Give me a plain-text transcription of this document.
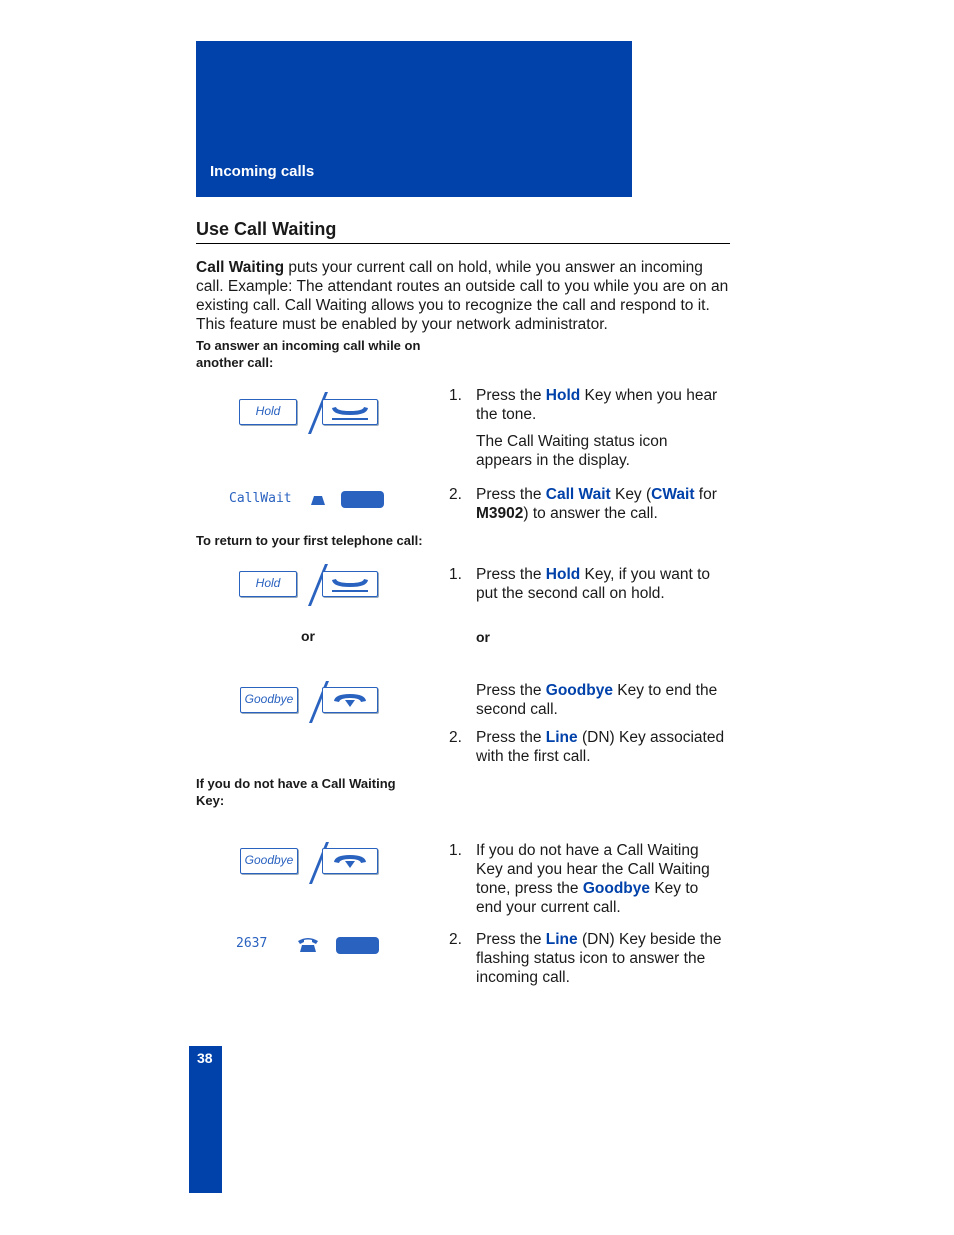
Incoming calls
Use Call Waiting
Call Waiting puts your current call on hold, while you answer an incoming call. Example: The attendant routes an outside call to you while you are on an existing call. Call Waiting allows you to recognize the call and respond to it. This feature must be enabled by your network administrator.
To answer an incoming call while on another call:
Hold
1. Press the Hold Key when you hear the tone.
The Call Waiting status icon appears in the display.
CallWait	2. Press the Call Wait Key (CWait for M3902) to answer the call.
To return to your first telephone call:
Hold	1. Press the Hold Key, if you want to put the second call on hold.
or	or
Goodbye	Press the Goodbye Key to end the second call.
2. Press the Line (DN) Key associated with the first call.
If you do not have a Call Waiting Key:
Goodbye
1. If you do not have a Call Waiting Key and you hear the Call Waiting tone, press the Goodbye Key to end your current call.
2637	2. Press the Line (DN) Key beside the flashing status icon to answer the incoming call.
38
